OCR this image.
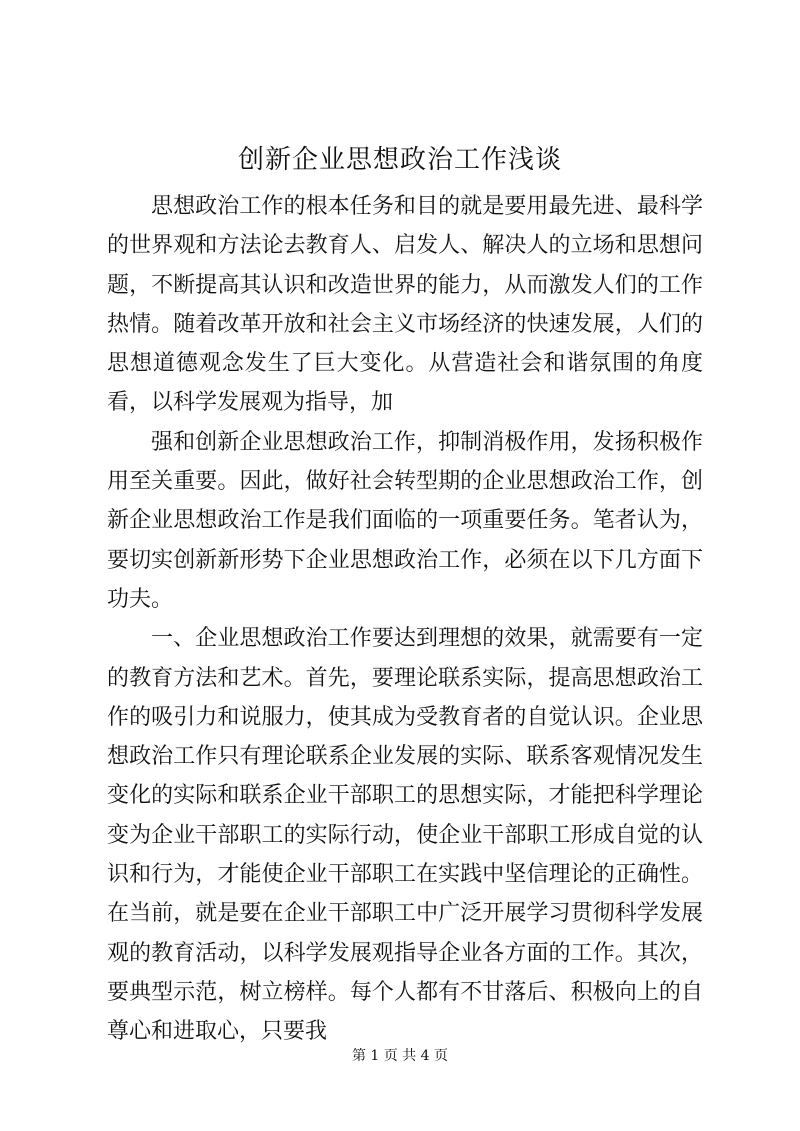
创新企业思想政治工作浅谈

思想政治工作的根本任务和目的就是要用最先进、最科学的世界观和方法论去教育人、启发人、解决人的立场和思想问题，不断提高其认识和改造世界的能力，从而激发人们的工作热情。随着改革开放和社会主义市场经济的快速发展，人们的思想道德观念发生了巨大变化。从营造社会和谐氛围的角度看，以科学发展观为指导，加

强和创新企业思想政治工作，抑制消极作用，发扬积极作用至关重要。因此，做好社会转型期的企业思想政治工作，创新企业思想政治工作是我们面临的一项重要任务。笔者认为，要切实创新新形势下企业思想政治工作，必须在以下几方面下功夫。

一、企业思想政治工作要达到理想的效果，就需要有一定的教育方法和艺术。首先，要理论联系实际，提高思想政治工作的吸引力和说服力，使其成为受教育者的自觉认识。企业思想政治工作只有理论联系企业发展的实际、联系客观情况发生变化的实际和联系企业干部职工的思想实际，才能把科学理论变为企业干部职工的实际行动，使企业干部职工形成自觉的认识和行为，才能使企业干部职工在实践中坚信理论的正确性。在当前，就是要在企业干部职工中广泛开展学习贯彻科学发展观的教育活动，以科学发展观指导企业各方面的工作。其次，要典型示范，树立榜样。每个人都有不甘落后、积极向上的自尊心和进取心，只要我

第 1 页 共 4 页
